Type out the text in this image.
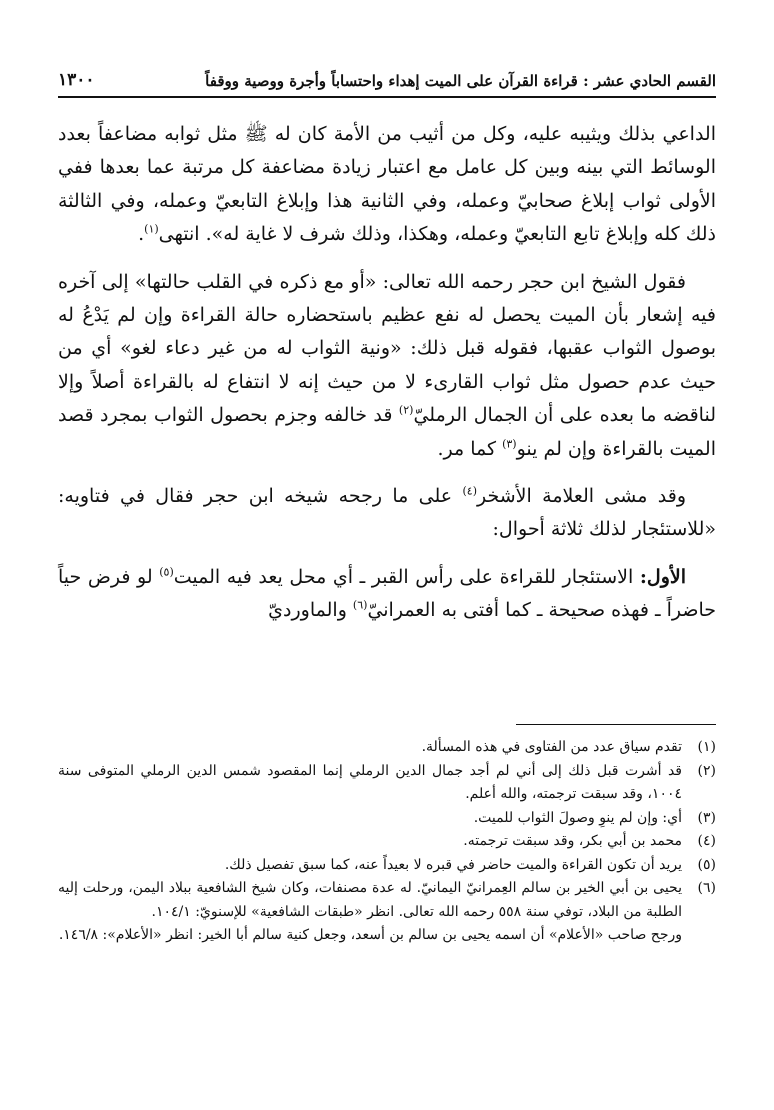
القسم الحادي عشر : قراءة القرآن على الميت إهداء واحتساباً وأجرة ووصية ووقفاً
١٣٠٠

الداعي بذلك ويثيبه عليه، وكل من أثيب من الأمة كان له ﷺ مثل ثوابه مضاعفاً بعدد الوسائط التي بينه وبين كل عامل مع اعتبار زيادة مضاعفة كل مرتبة عما بعدها ففي الأولى ثواب إبلاغ صحابيّ وعمله، وفي الثانية هذا وإبلاغ التابعيّ وعمله، وفي الثالثة ذلك كله وإبلاغ تابع التابعيّ وعمله، وهكذا، وذلك شرف لا غاية له». انتهى$^{(١)}$.

فقول الشيخ ابن حجر رحمه الله تعالى: «أو مع ذكره في القلب حالتها» إلى آخره فيه إشعار بأن الميت يحصل له نفع عظيم باستحضاره حالة القراءة وإن لم يَدْعُ له بوصول الثواب عقبها، فقوله قبل ذلك: «ونية الثواب له من غير دعاء لغو» أي من حيث عدم حصول مثل ثواب القارىء لا من حيث إنه لا انتفاع له بالقراءة أصلاً وإلا لناقضه ما بعده على أن الجمال الرمليّ$^{(٢)}$ قد خالفه وجزم بحصول الثواب بمجرد قصد الميت بالقراءة وإن لم ينو$^{(٣)}$ كما مر.

وقد مشى العلامة الأشخر$^{(٤)}$ على ما رجحه شيخه ابن حجر فقال في فتاويه: «للاستئجار لذلك ثلاثة أحوال:

الأول: الاستئجار للقراءة على رأس القبر ـ أي محل يعد فيه الميت$^{(٥)}$ لو فرض حياً حاضراً ـ فهذه صحيحة ـ كما أفتى به العمرانيّ$^{(٦)}$ والماورديّ

(١)
تقدم سياق عدد من الفتاوى في هذه المسألة.
(٢)
قد أشرت قبل ذلك إلى أني لم أجد جمال الدين الرملي إنما المقصود شمس الدين الرملي المتوفى سنة ١٠٠٤، وقد سبقت ترجمته، والله أعلم.
(٣)
أي: وإن لم ينوِ وصولَ الثواب للميت.
(٤)
محمد بن أبي بكر، وقد سبقت ترجمته.
(٥)
يريد أن تكون القراءة والميت حاضر في قبره لا بعيداً عنه، كما سبق تفصيل ذلك.
(٦)
يحيى بن أبي الخير بن سالم العِمرانيّ اليمانيّ. له عدة مصنفات، وكان شيخ الشافعية ببلاد اليمن، ورحلت إليه الطلبة من البلاد، توفي سنة ٥٥٨ رحمه الله تعالى. انظر «طبقات الشافعية» للإسنويّ: ١٠٤/١.

ورجح صاحب «الأعلام» أن اسمه يحيى بن سالم بن أسعد، وجعل كنية سالم أبا الخير: انظر «الأعلام»: ١٤٦/٨.
